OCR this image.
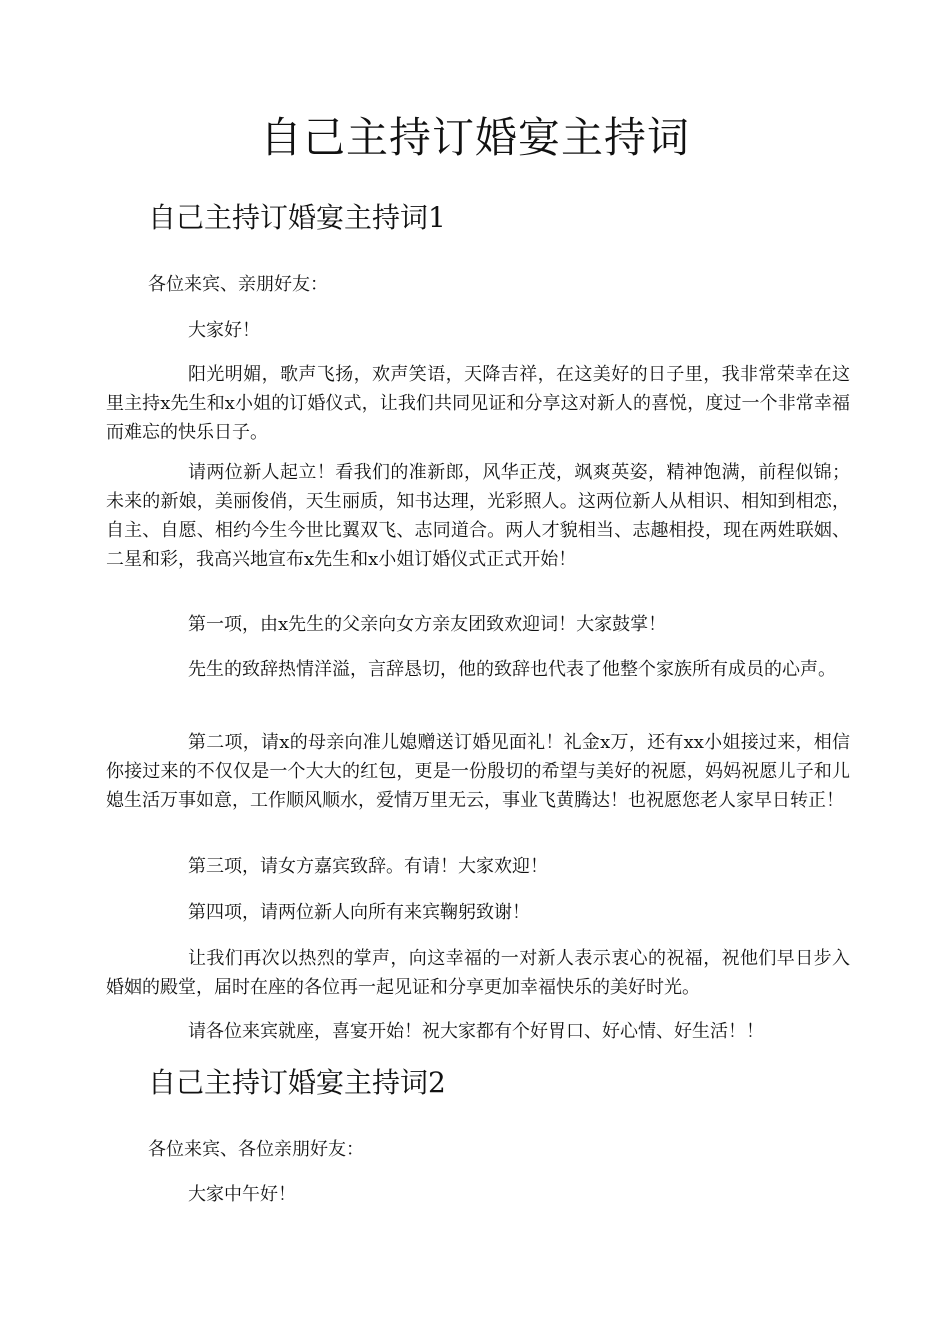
自己主持订婚宴主持词
自己主持订婚宴主持词1

各位来宾、亲朋好友：

大家好！

阳光明媚，歌声飞扬，欢声笑语，天降吉祥，在这美好的日子里，我非常荣幸在这里主持x先生和x小姐的订婚仪式，让我们共同见证和分享这对新人的喜悦，度过一个非常幸福而难忘的快乐日子。

请两位新人起立！看我们的准新郎，风华正茂，飒爽英姿，精神饱满，前程似锦；未来的新娘，美丽俊俏，天生丽质，知书达理，光彩照人。这两位新人从相识、相知到相恋，自主、自愿、相约今生今世比翼双飞、志同道合。两人才貌相当、志趣相投，现在两姓联姻、二星和彩，我高兴地宣布x先生和x小姐订婚仪式正式开始！

第一项，由x先生的父亲向女方亲友团致欢迎词！大家鼓掌！

先生的致辞热情洋溢，言辞恳切，他的致辞也代表了他整个家族所有成员的心声。

第二项，请x的母亲向准儿媳赠送订婚见面礼！礼金x万，还有xx小姐接过来，相信你接过来的不仅仅是一个大大的红包，更是一份殷切的希望与美好的祝愿，妈妈祝愿儿子和儿媳生活万事如意，工作顺风顺水，爱情万里无云，事业飞黄腾达！也祝愿您老人家早日转正！

第三项，请女方嘉宾致辞。有请！大家欢迎！

第四项，请两位新人向所有来宾鞠躬致谢！

让我们再次以热烈的掌声，向这幸福的一对新人表示衷心的祝福，祝他们早日步入婚姻的殿堂，届时在座的各位再一起见证和分享更加幸福快乐的美好时光。

请各位来宾就座，喜宴开始！祝大家都有个好胃口、好心情、好生活！！

自己主持订婚宴主持词2

各位来宾、各位亲朋好友：

大家中午好！
